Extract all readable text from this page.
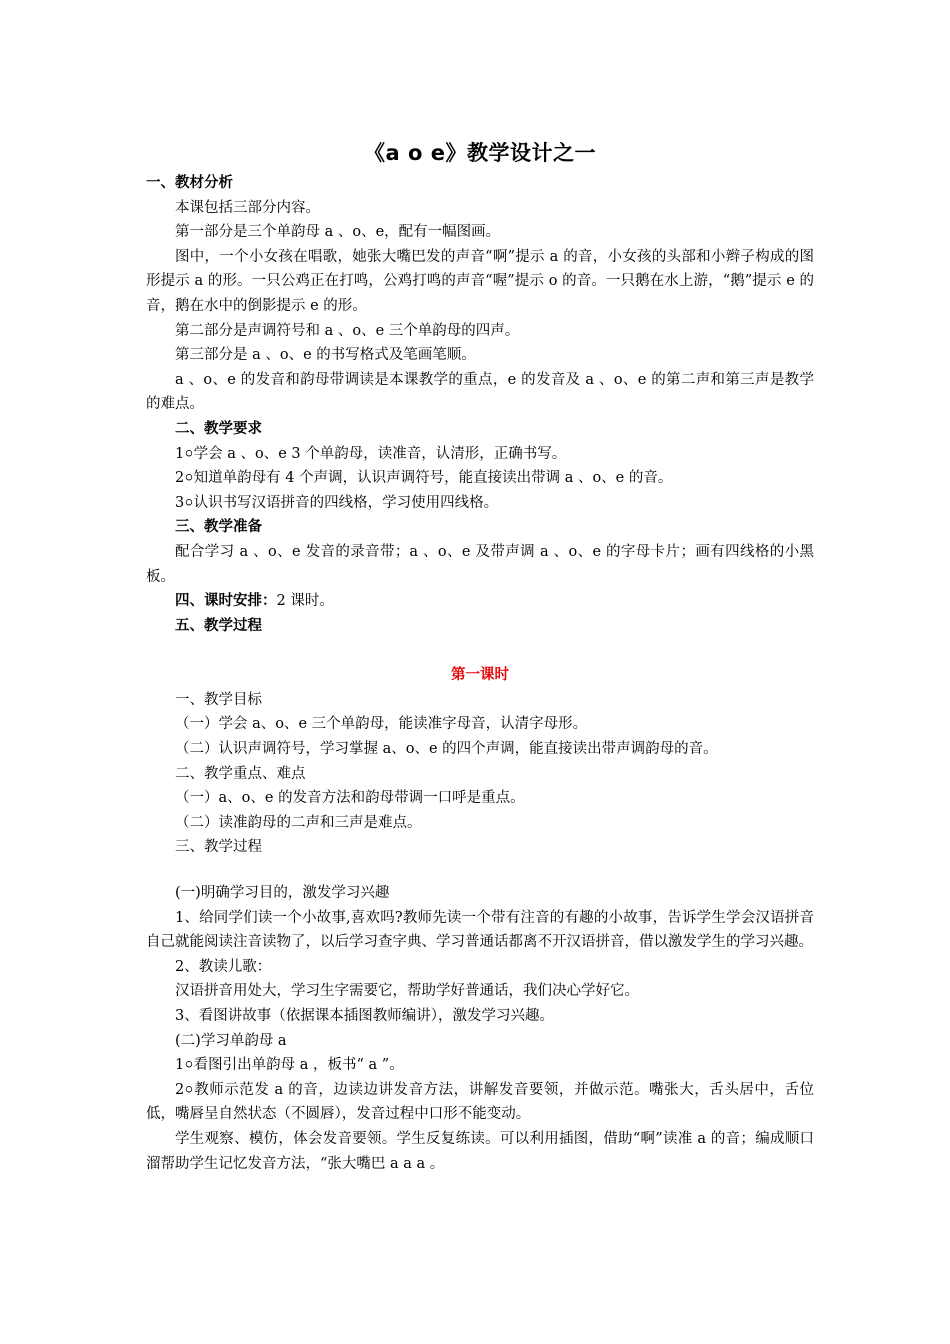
《a o e》教学设计之一
一、教材分析
本课包括三部分内容。
第一部分是三个单韵母 a 、o、e，配有一幅图画。
图中，一个小女孩在唱歌，她张大嘴巴发的声音“啊”提示 a 的音，小女孩的头部和小辫子构成的图形提示 a 的形。一只公鸡正在打鸣，公鸡打鸣的声音“喔”提示 o 的音。一只鹅在水上游，“鹅”提示 e 的音，鹅在水中的倒影提示 e 的形。
第二部分是声调符号和 a 、o、e 三个单韵母的四声。
第三部分是 a 、o、e 的书写格式及笔画笔顺。
a 、o、e 的发音和韵母带调读是本课教学的重点，e 的发音及 a 、o、e 的第二声和第三声是教学的难点。
二、教学要求
1০学会 a 、o、e 3 个单韵母，读准音，认清形，正确书写。
2০知道单韵母有 4 个声调，认识声调符号，能直接读出带调 a 、o、e 的音。
3০认识书写汉语拼音的四线格，学习使用四线格。
三、教学准备
配合学习 a 、o、e 发音的录音带；a 、o、e 及带声调 a 、o、e 的字母卡片；画有四线格的小黑板。
四、课时安排：2 课时。
五、教学过程
第一课时
一、教学目标
（一）学会 a、o、e 三个单韵母，能读准字母音，认清字母形。
（二）认识声调符号，学习掌握 a、o、e 的四个声调，能直接读出带声调韵母的音。
二、教学重点、难点
（一）a、o、e 的发音方法和韵母带调一口呼是重点。
（二）读准韵母的二声和三声是难点。
三、教学过程
(一)明确学习目的，激发学习兴趣
1、给同学们读一个小故事,喜欢吗?教师先读一个带有注音的有趣的小故事，告诉学生学会汉语拼音自己就能阅读注音读物了，以后学习查字典、学习普通话都离不开汉语拼音，借以激发学生的学习兴趣。
2、教读儿歌：
汉语拼音用处大，学习生字需要它，帮助学好普通话，我们决心学好它。
3、看图讲故事（依据课本插图教师编讲），激发学习兴趣。
(二)学习单韵母 a
1০看图引出单韵母 a ，板书“ a ”。
2০教师示范发 a 的音，边读边讲发音方法，讲解发音要领，并做示范。嘴张大，舌头居中，舌位低，嘴唇呈自然状态（不圆唇），发音过程中口形不能变动。
学生观察、模仿，体会发音要领。学生反复练读。可以利用插图，借助“啊”读准 a 的音；编成顺口溜帮助学生记忆发音方法，“张大嘴巴 a a a 。
